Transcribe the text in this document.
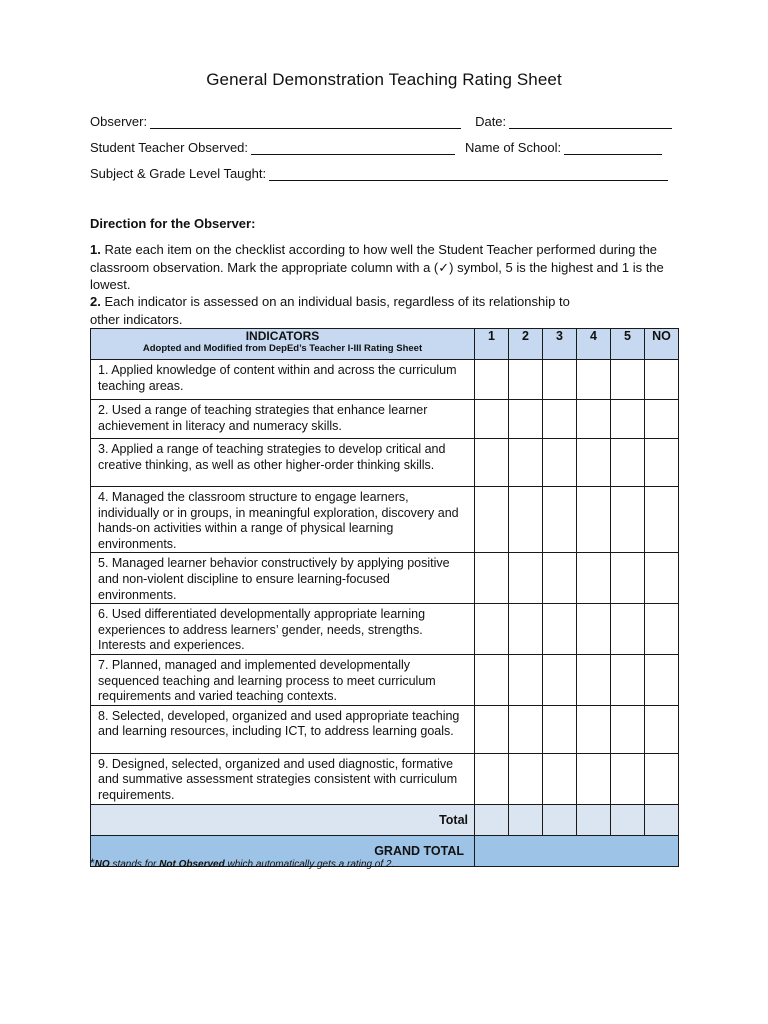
General Demonstration Teaching Rating Sheet
Observer:	Date:
Student Teacher Observed:	Name of School:
Subject & Grade Level Taught:
Direction for the Observer:
1. Rate each item on the checklist according to how well the Student Teacher performed during the classroom observation. Mark the appropriate column with a (✓) symbol, 5 is the highest and 1 is the lowest.
2. Each indicator is assessed on an individual basis, regardless of its relationship to other indicators.
INDICATORS
Adopted and Modified from DepEd’s Teacher I-III Rating Sheet	1	2	3	4	5	NO
1. Applied knowledge of content within and across the curriculum teaching areas.						
2. Used a range of teaching strategies that enhance learner achievement in literacy and numeracy skills.						
3. Applied a range of teaching strategies to develop critical and creative thinking, as well as other higher-order thinking skills.						
4. Managed the classroom structure to engage learners, individually or in groups, in meaningful exploration, discovery and hands-on activities within a range of physical learning environments.						
5. Managed learner behavior constructively by applying positive and non-violent discipline to ensure learning-focused environments.						
6. Used differentiated developmentally appropriate learning experiences to address learners’ gender, needs, strengths. Interests and experiences.						
7. Planned, managed and implemented developmentally sequenced teaching and learning process to meet curriculum requirements and varied teaching contexts.						
8. Selected, developed, organized and used appropriate teaching and learning resources, including ICT, to address learning goals.						
9. Designed, selected, organized and used diagnostic, formative and summative assessment strategies consistent with curriculum requirements.						
Total						
GRAND TOTAL						
*NO stands for Not Observed which automatically gets a rating of 2.
